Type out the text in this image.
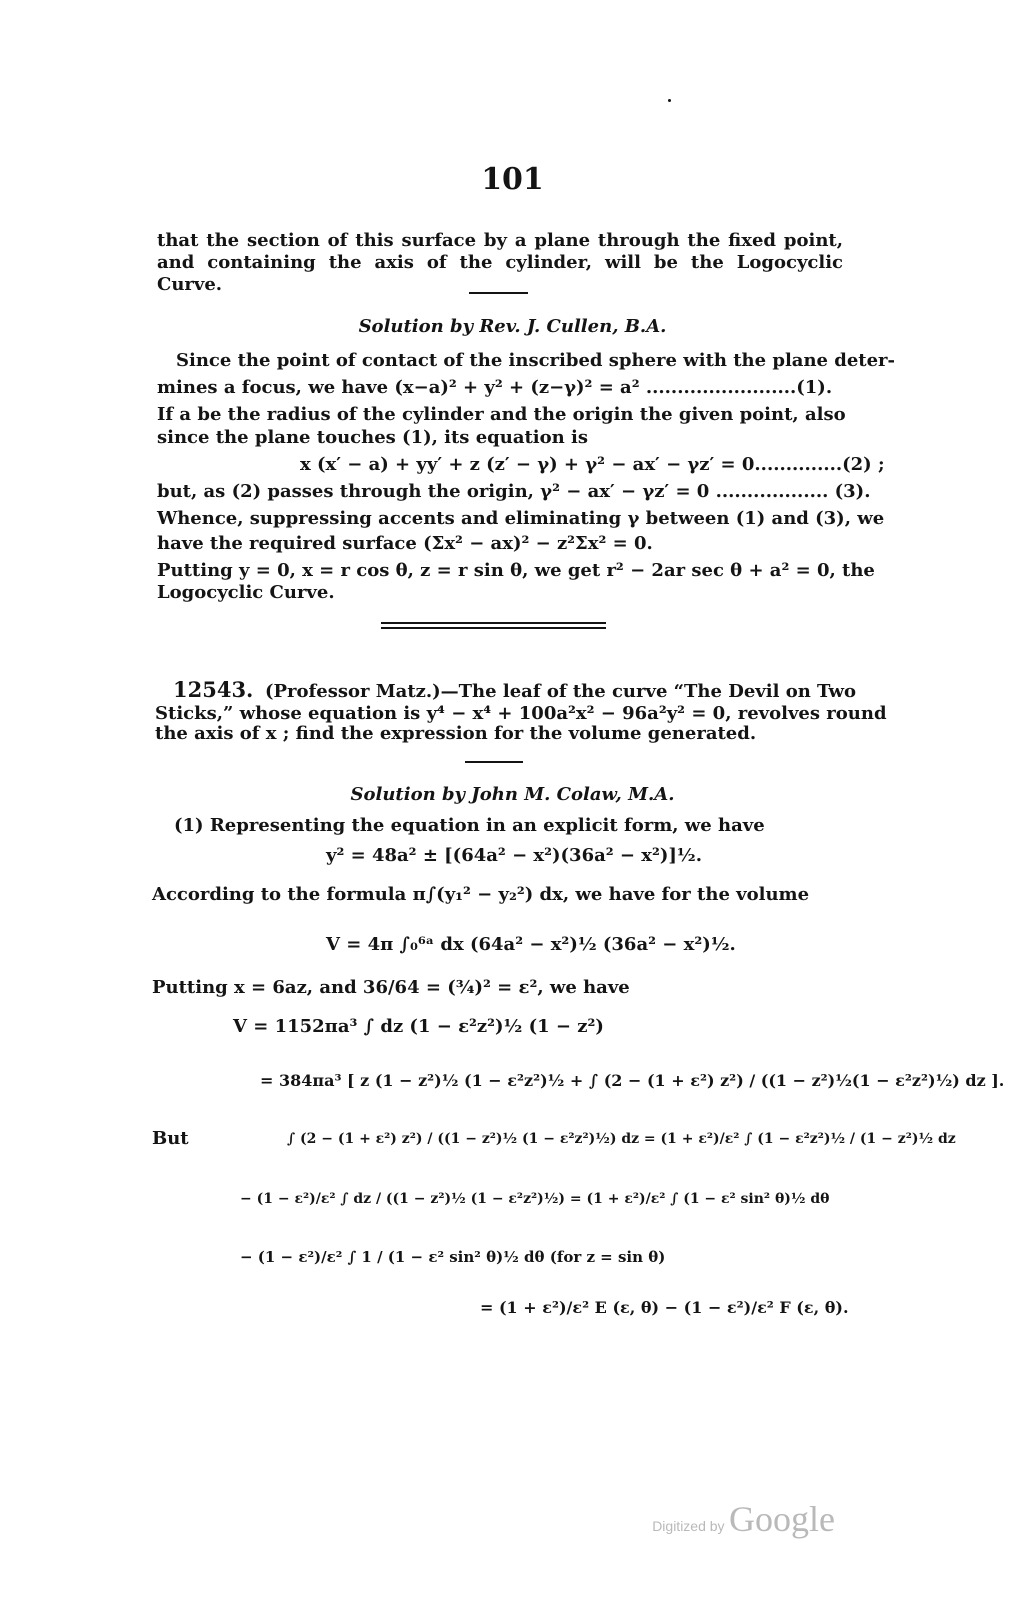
101
that the section of this surface by a plane through the fixed point, and containing the axis of the cylinder, will be the Logocyclic Curve.
Solution by Rev. J. Cullen, B.A.
Since the point of contact of the inscribed sphere with the plane deter-
mines a focus, we have (x−a)² + y² + (z−γ)² = a² ........................(1).
If a be the radius of the cylinder and the origin the given point, also
since the plane touches (1), its equation is
x (x′ − a) + yy′ + z (z′ − γ) + γ² − ax′ − γz′ = 0..............(2) ;
but, as (2) passes through the origin, γ² − ax′ − γz′ = 0 .................. (3).
Whence, suppressing accents and eliminating γ between (1) and (3), we
have the required surface (Σx² − ax)² − z²Σx² = 0.
Putting y = 0, x = r cos θ, z = r sin θ, we get r² − 2ar sec θ + a² = 0, the
Logocyclic Curve.
12543. (Professor Matz.)—The leaf of the curve “The Devil on Two
Sticks,” whose equation is y⁴ − x⁴ + 100a²x² − 96a²y² = 0, revolves round
the axis of x ; find the expression for the volume generated.
Solution by John M. Colaw, M.A.
(1) Representing the equation in an explicit form, we have
y² = 48a² ± [(64a² − x²)(36a² − x²)]½.
According to the formula π∫(y₁² − y₂²) dx, we have for the volume
V = 4π ∫₀⁶ᵃ dx (64a² − x²)½ (36a² − x²)½.
Putting x = 6az, and 36/64 = (¾)² = ε², we have
V = 1152πa³ ∫ dz (1 − ε²z²)½ (1 − z²)
= 384πa³ [ z (1 − z²)½ (1 − ε²z²)½ + ∫ (2 − (1 + ε²) z²) / ((1 − z²)½(1 − ε²z²)½) dz ].
But	∫ (2 − (1 + ε²) z²) / ((1 − z²)½ (1 − ε²z²)½) dz = (1 + ε²)/ε² ∫ (1 − ε²z²)½ / (1 − z²)½ dz
− (1 − ε²)/ε² ∫ dz / ((1 − z²)½ (1 − ε²z²)½) = (1 + ε²)/ε² ∫ (1 − ε² sin² θ)½ dθ
− (1 − ε²)/ε² ∫ 1 / (1 − ε² sin² θ)½ dθ (for z = sin θ)
= (1 + ε²)/ε² E (ε, θ) − (1 − ε²)/ε² F (ε, θ).
Digitized by Google
